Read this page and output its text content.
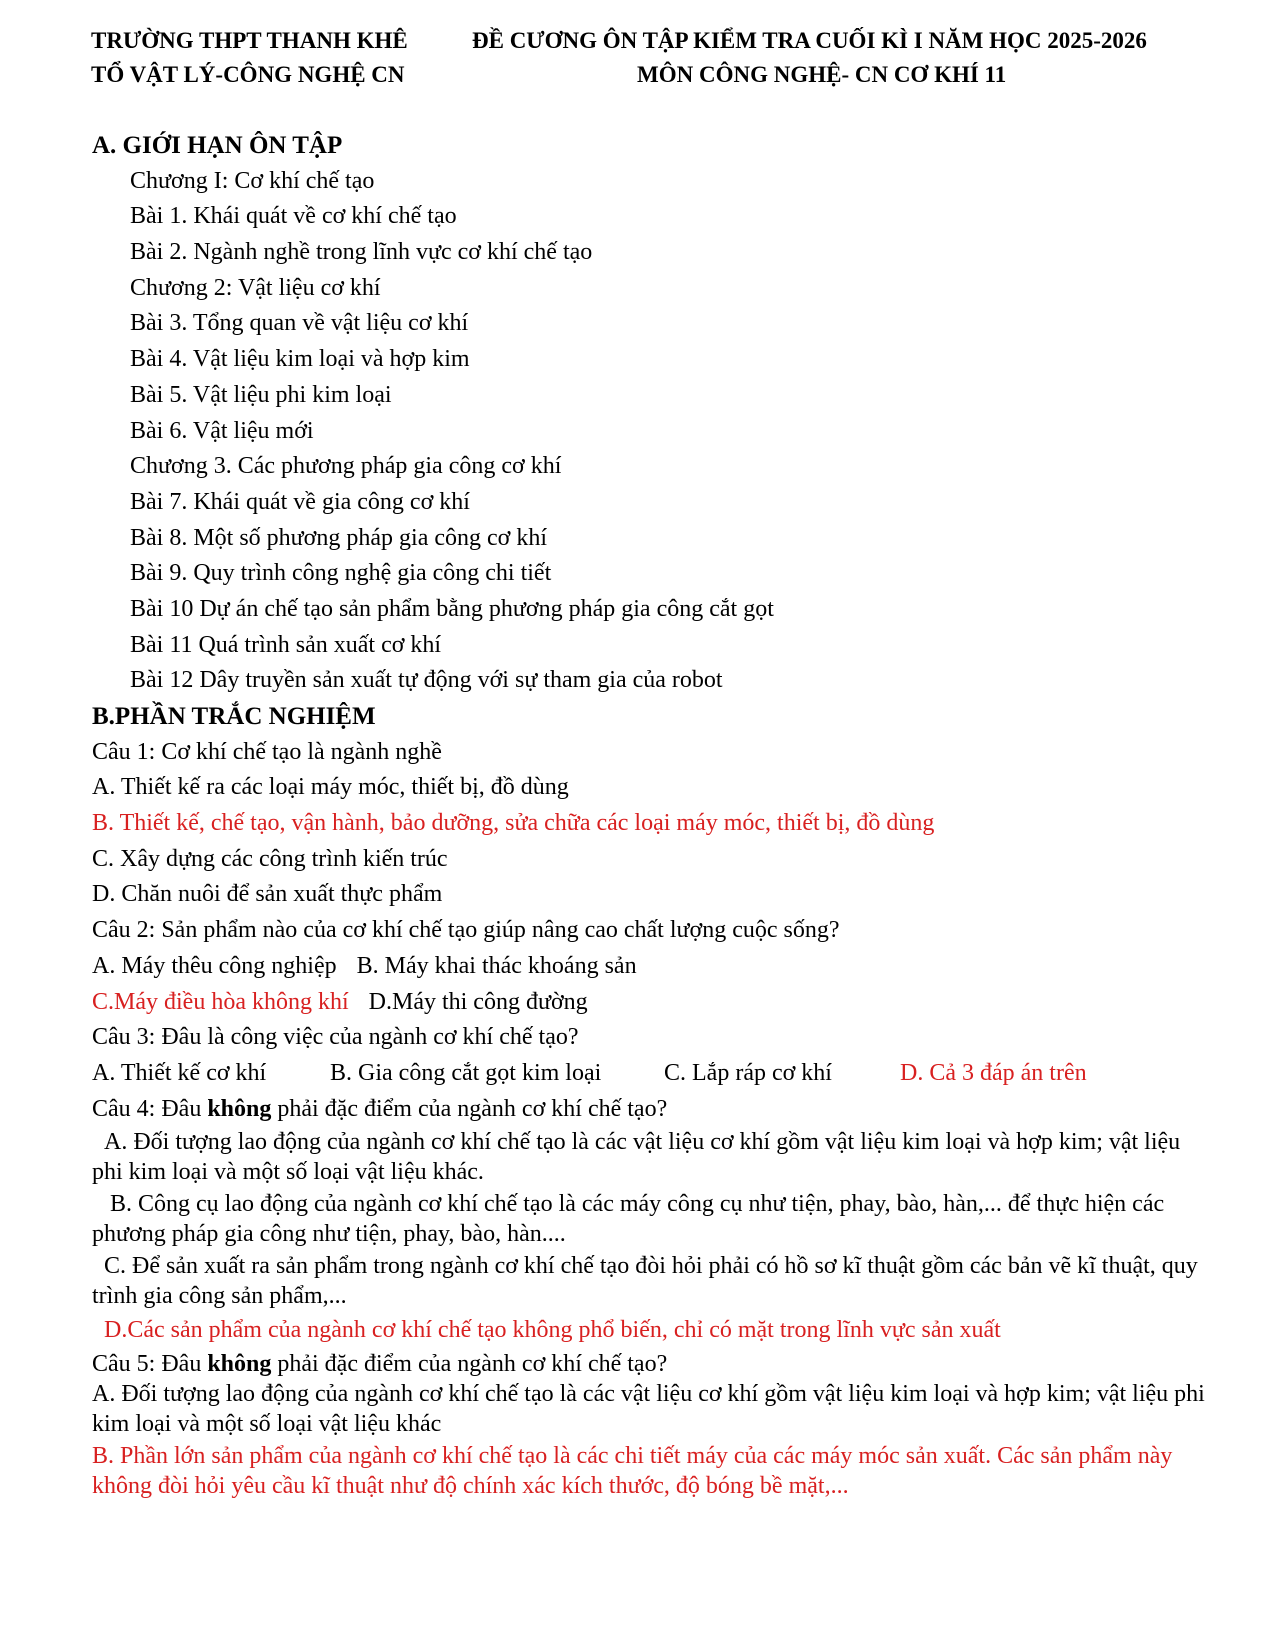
TRƯỜNG THPT THANH KHÊ	ĐỀ CƯƠNG ÔN TẬP KIỂM TRA CUỐI KÌ I NĂM HỌC 2025-2026
TỔ VẬT LÝ-CÔNG NGHỆ CN	MÔN CÔNG NGHỆ- CN CƠ KHÍ 11
A. GIỚI HẠN ÔN TẬP
Chương I: Cơ khí chế tạo
Bài 1. Khái quát về cơ khí chế tạo
Bài 2. Ngành nghề trong lĩnh vực cơ khí chế tạo
Chương 2: Vật liệu cơ khí
Bài 3. Tổng quan về vật liệu cơ khí
Bài 4. Vật liệu kim loại và hợp kim
Bài 5. Vật liệu phi kim loại
Bài 6. Vật liệu mới
Chương 3. Các phương pháp gia công cơ khí
Bài 7. Khái quát về gia công cơ khí
Bài 8. Một số phương pháp gia công cơ khí
Bài 9. Quy trình công nghệ gia công chi tiết
Bài 10 Dự án chế tạo sản phẩm bằng phương pháp gia công cắt gọt
Bài 11 Quá trình sản xuất cơ khí
Bài 12 Dây truyền sản xuất tự động với sự tham gia của robot
B.PHẦN TRẮC NGHIỆM
Câu 1: Cơ khí chế tạo là ngành nghề
A. Thiết kế ra các loại máy móc, thiết bị, đồ dùng
B. Thiết kế, chế tạo, vận hành, bảo dưỡng, sửa chữa các loại máy móc, thiết bị, đồ dùng
C. Xây dựng các công trình kiến trúc
D. Chăn nuôi để sản xuất thực phẩm
Câu 2: Sản phẩm nào của cơ khí chế tạo giúp nâng cao chất lượng cuộc sống?
A. Máy thêu công nghiệp B. Máy khai thác khoáng sản
C.Máy điều hòa không khí D.Máy thi công đường
Câu 3: Đâu là công việc của ngành cơ khí chế tạo?
A. Thiết kế cơ khí	B. Gia công cắt gọt kim loại	C. Lắp ráp cơ khí	D. Cả 3 đáp án trên
Câu 4: Đâu không phải đặc điểm của ngành cơ khí chế tạo?
A. Đối tượng lao động của ngành cơ khí chế tạo là các vật liệu cơ khí gồm vật liệu kim loại và hợp kim; vật liệu phi kim loại và một số loại vật liệu khác.
B. Công cụ lao động của ngành cơ khí chế tạo là các máy công cụ như tiện, phay, bào, hàn,... để thực hiện các phương pháp gia công như tiện, phay, bào, hàn....
C. Để sản xuất ra sản phẩm trong ngành cơ khí chế tạo đòi hỏi phải có hồ sơ kĩ thuật gồm các bản vẽ kĩ thuật, quy trình gia công sản phẩm,...
D.Các sản phẩm của ngành cơ khí chế tạo không phổ biến, chỉ có mặt trong lĩnh vực sản xuất
Câu 5: Đâu không phải đặc điểm của ngành cơ khí chế tạo?
A. Đối tượng lao động của ngành cơ khí chế tạo là các vật liệu cơ khí gồm vật liệu kim loại và hợp kim; vật liệu phi kim loại và một số loại vật liệu khác
B. Phần lớn sản phẩm của ngành cơ khí chế tạo là các chi tiết máy của các máy móc sản xuất. Các sản phẩm này không đòi hỏi yêu cầu kĩ thuật như độ chính xác kích thước, độ bóng bề mặt,...
